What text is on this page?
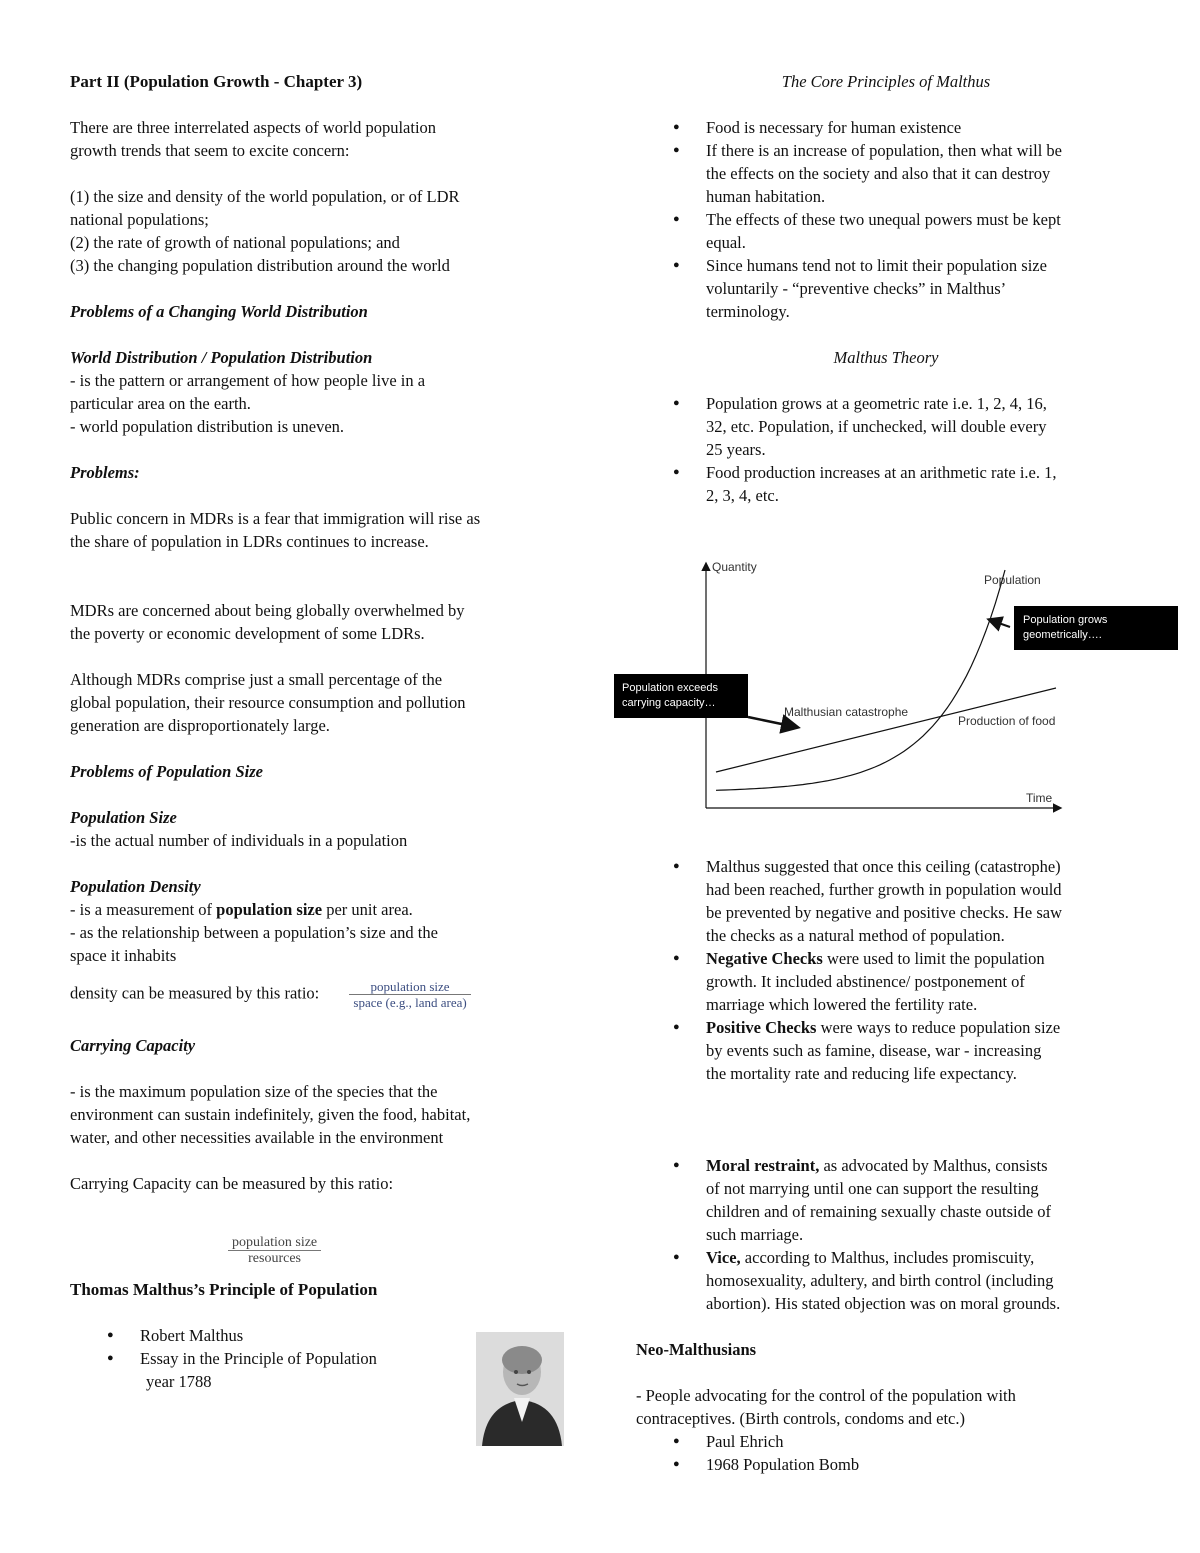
Part II (Population Growth - Chapter 3)

There are three interrelated aspects of world population

growth trends that seem to excite concern:

(1) the size and density of the world population, or of LDR

national populations;

(2) the rate of growth of national populations; and

(3) the changing population distribution around the world

Problems of a Changing World Distribution

World Distribution / Population Distribution

- is the pattern or arrangement of how people live in a

particular area on the earth.

- world population distribution is uneven.

Problems:

Public concern in MDRs is a fear that immigration will rise as

the share of population in LDRs continues to increase.

MDRs are concerned about being globally overwhelmed by

the poverty or economic development of some LDRs.

Although MDRs comprise just a small percentage of the

global population, their resource consumption and pollution

generation are disproportionately large.

Problems of Population Size

Population Size

-is the actual number of individuals in a population

Population Density

- is a measurement of population size per unit area.

- as the relationship between a population’s size and the

space it inhabits

density can be measured by this ratio: $\frac{\text{population size}}{\text{space (e.g., land area)}}$

Carrying Capacity

- is the maximum population size of the species that the

environment can sustain indefinitely, given the food, habitat,

water, and other necessities available in the environment

Carrying Capacity can be measured by this ratio:

$\frac{\text{population size}}{\text{resources}}$

Thomas Malthus’s Principle of Population

● Robert Malthus
● Essay in the Principle of Population
year 1788

The Core Principles of Malthus

● Food is necessary for human existence
● If there is an increase of population, then what will be
the effects on the society and also that it can destroy
human habitation.
● The effects of these two unequal powers must be kept
equal.
● Since humans tend not to limit their population size
voluntarily - “preventive checks” in Malthus’
terminology.

Malthus Theory

● Population grows at a geometric rate i.e. 1, 2, 4, 16,
32, etc. Population, if unchecked, will double every
25 years.
● Food production increases at an arithmetic rate i.e. 1,
2, 3, 4, etc.
● Malthus suggested that once this ceiling (catastrophe)
had been reached, further growth in population would
be prevented by negative and positive checks. He saw
the checks as a natural method of population.
● Negative Checks were used to limit the population
growth. It included abstinence/ postponement of
marriage which lowered the fertility rate.
● Positive Checks were ways to reduce population size
by events such as famine, disease, war - increasing
the mortality rate and reducing life expectancy.
● Moral restraint, as advocated by Malthus, consists
of not marrying until one can support the resulting
children and of remaining sexually chaste outside of
such marriage.
● Vice, according to Malthus, includes promiscuity,
homosexuality, adultery, and birth control (including
abortion). His stated objection was on moral grounds.

Neo-Malthusians

- People advocating for the control of the population with

contraceptives. (Birth controls, condoms and etc.)

● Paul Ehrich
● 1968 Population Bomb
Quantity
Time
Population
Production of food
Malthusian catastrophe
Population grows
geometrically….
Population exceeds
carrying capacity…
